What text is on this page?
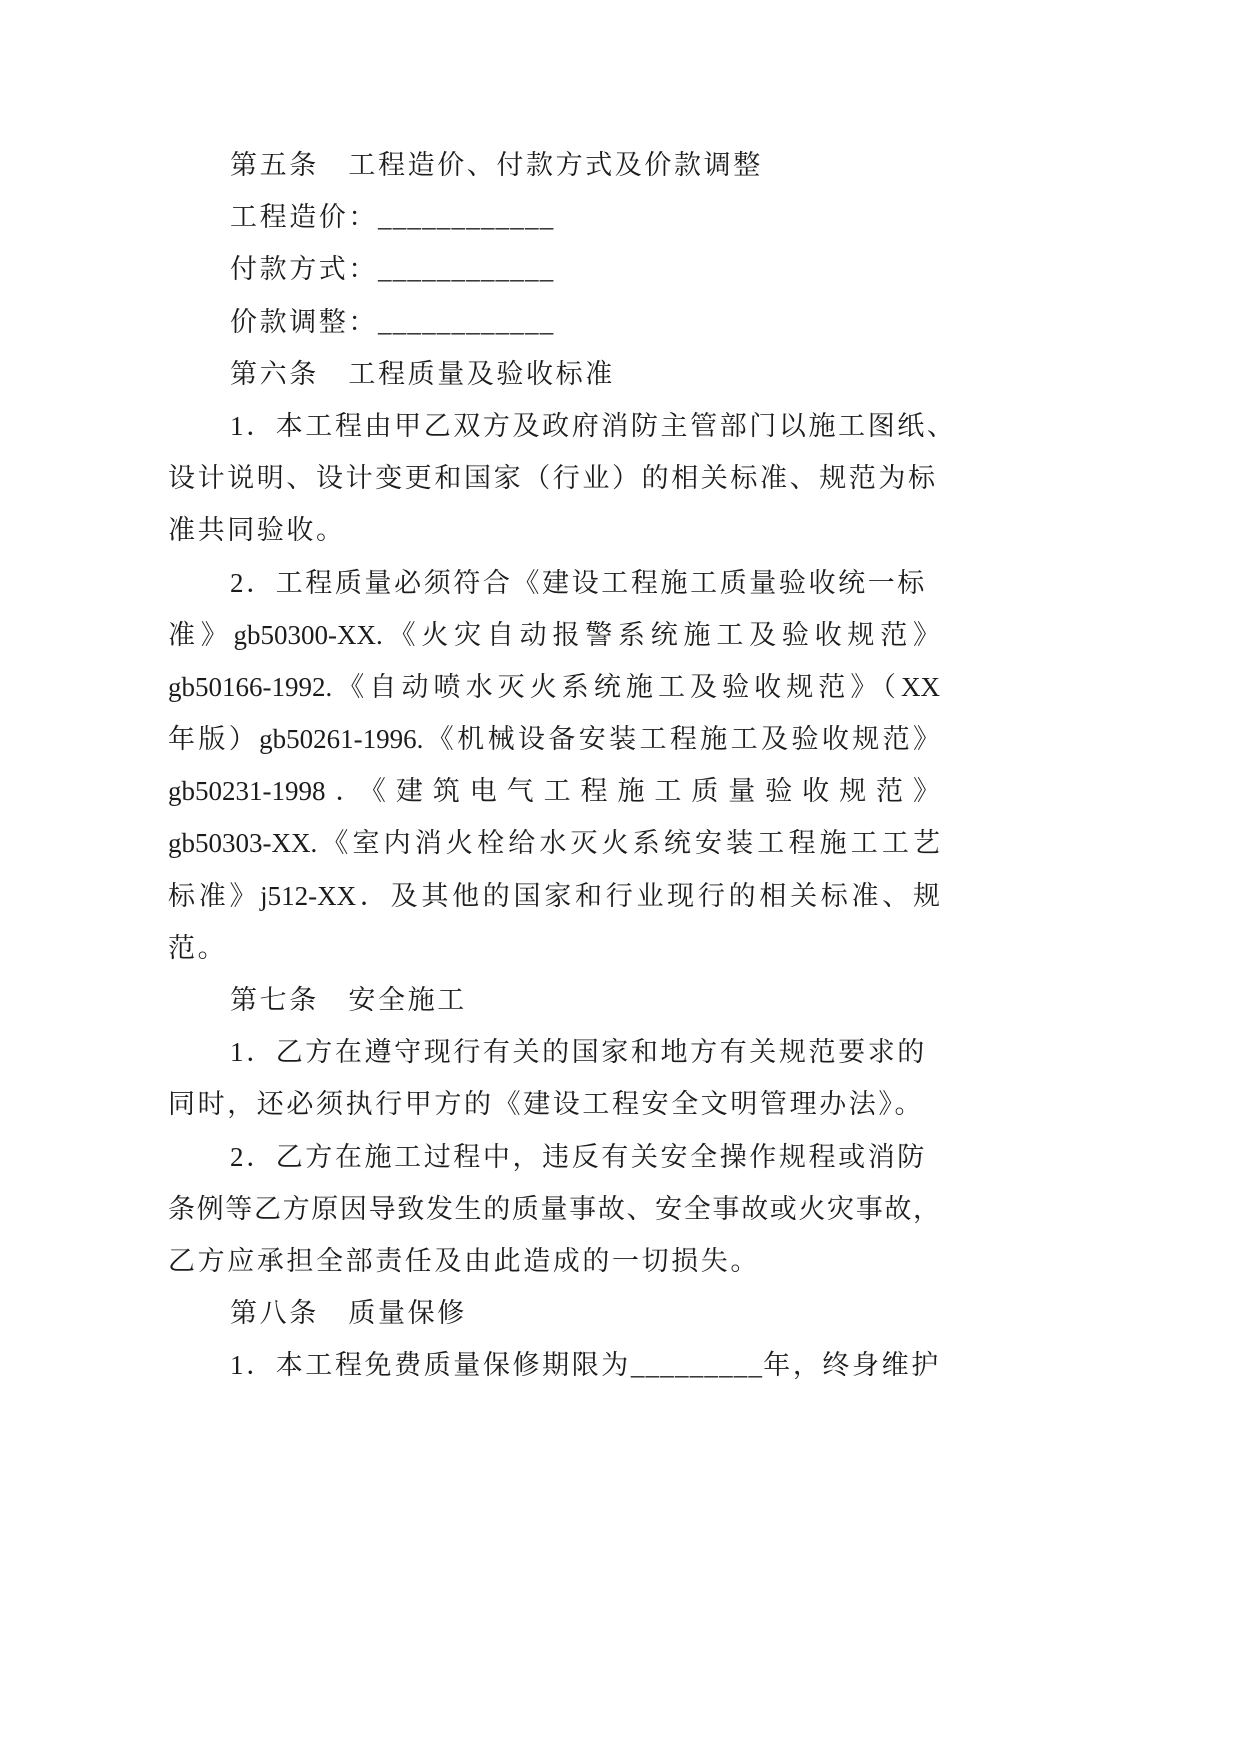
第五条　工程造价、付款方式及价款调整
工程造价：____________
付款方式：____________
价款调整：____________
第六条　工程质量及验收标准
1．本工程由甲乙双方及政府消防主管部门以施工图纸、
设计说明、设计变更和国家（行业）的相关标准、规范为标
准共同验收。
2．工程质量必须符合《建设工程施工质量验收统一标
准》gb50300-XX.《火灾自动报警系统施工及验收规范》
gb50166-1992.《自动喷水灭火系统施工及验收规范》（XX
年版）gb50261-1996.《机械设备安装工程施工及验收规范》
gb50231-1998．《建筑电气工程施工质量验收规范》
gb50303-XX.《室内消火栓给水灭火系统安装工程施工工艺
标准》j512-XX．及其他的国家和行业现行的相关标准、规
范。
第七条　安全施工
1．乙方在遵守现行有关的国家和地方有关规范要求的
同时，还必须执行甲方的《建设工程安全文明管理办法》。
2．乙方在施工过程中，违反有关安全操作规程或消防
条例等乙方原因导致发生的质量事故、安全事故或火灾事故，
乙方应承担全部责任及由此造成的一切损失。
第八条　质量保修
1．本工程免费质量保修期限为_________年，终身维护
